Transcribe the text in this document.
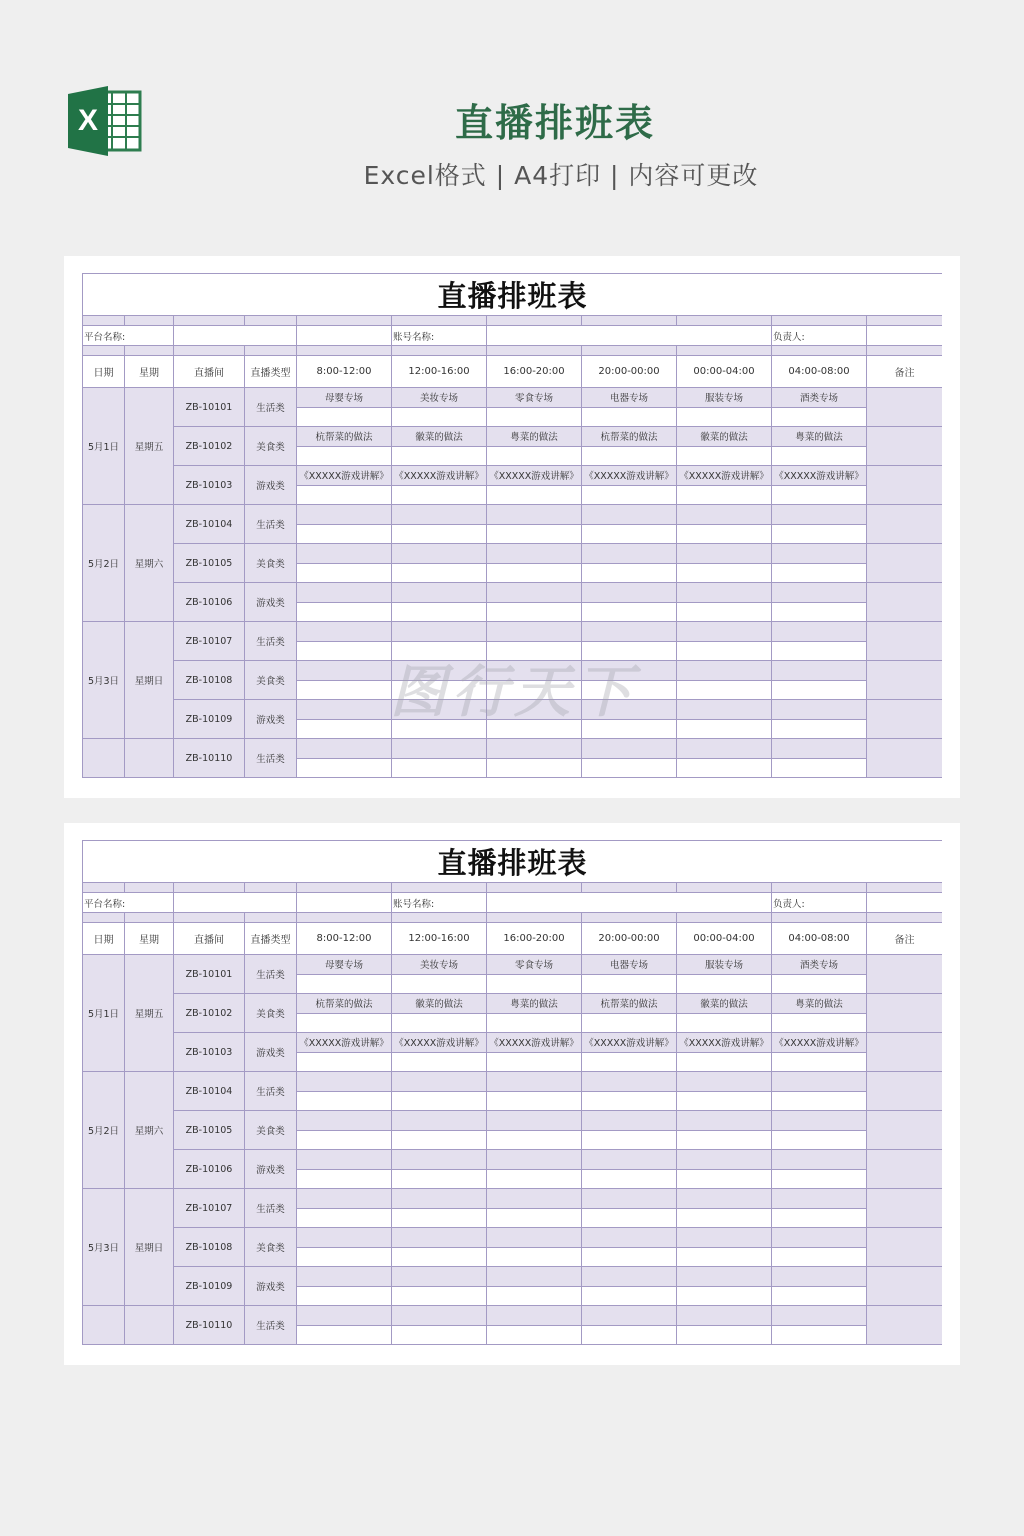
X	直播排班表
Excel格式 | A4打印 | 内容可更改
直播排班表										

平台名称:					账号名称:				负责人:	

日期	星期	直播间	直播类型	8:00-12:00	12:00-16:00	16:00-20:00	20:00-00:00	00:00-04:00	04:00-08:00	备注
5月1日	星期五	ZB-10101	生活类	母婴专场	美妆专场	零食专场	电器专场	服装专场	酒类专场	

		ZB-10102	美食类	杭帮菜的做法	徽菜的做法	粤菜的做法	杭帮菜的做法	徽菜的做法	粤菜的做法	

		ZB-10103	游戏类	《XXXXX游戏讲解》	《XXXXX游戏讲解》	《XXXXX游戏讲解》	《XXXXX游戏讲解》	《XXXXX游戏讲解》	《XXXXX游戏讲解》	

5月2日	星期六	ZB-10104	生活类							

		ZB-10105	美食类							

		ZB-10106	游戏类							

5月3日	星期日	ZB-10107	生活类							

		ZB-10108	美食类							

		ZB-10109	游戏类							

		ZB-10110	生活类							

直播排班表										

平台名称:					账号名称:				负责人:	

日期	星期	直播间	直播类型	8:00-12:00	12:00-16:00	16:00-20:00	20:00-00:00	00:00-04:00	04:00-08:00	备注
5月1日	星期五	ZB-10101	生活类	母婴专场	美妆专场	零食专场	电器专场	服装专场	酒类专场	

		ZB-10102	美食类	杭帮菜的做法	徽菜的做法	粤菜的做法	杭帮菜的做法	徽菜的做法	粤菜的做法	

		ZB-10103	游戏类	《XXXXX游戏讲解》	《XXXXX游戏讲解》	《XXXXX游戏讲解》	《XXXXX游戏讲解》	《XXXXX游戏讲解》	《XXXXX游戏讲解》	

5月2日	星期六	ZB-10104	生活类							

		ZB-10105	美食类							

		ZB-10106	游戏类							

5月3日	星期日	ZB-10107	生活类							

		ZB-10108	美食类							

		ZB-10109	游戏类							

		ZB-10110	生活类							

图行天下
